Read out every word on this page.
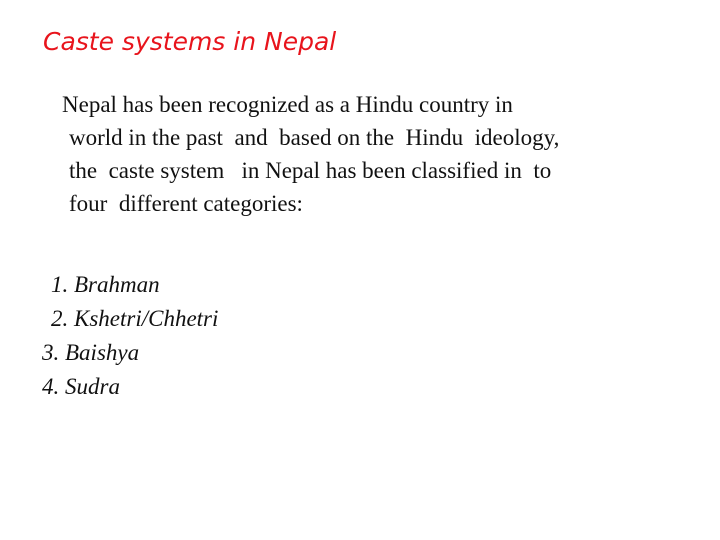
Caste systems in Nepal
Nepal has been recognized as a Hindu country in
world in the past  and  based on the  Hindu  ideology,
the  caste system   in Nepal has been classified in  to
four  different categories:
1. Brahman
2. Kshetri/Chhetri
3. Baishya
4. Sudra
